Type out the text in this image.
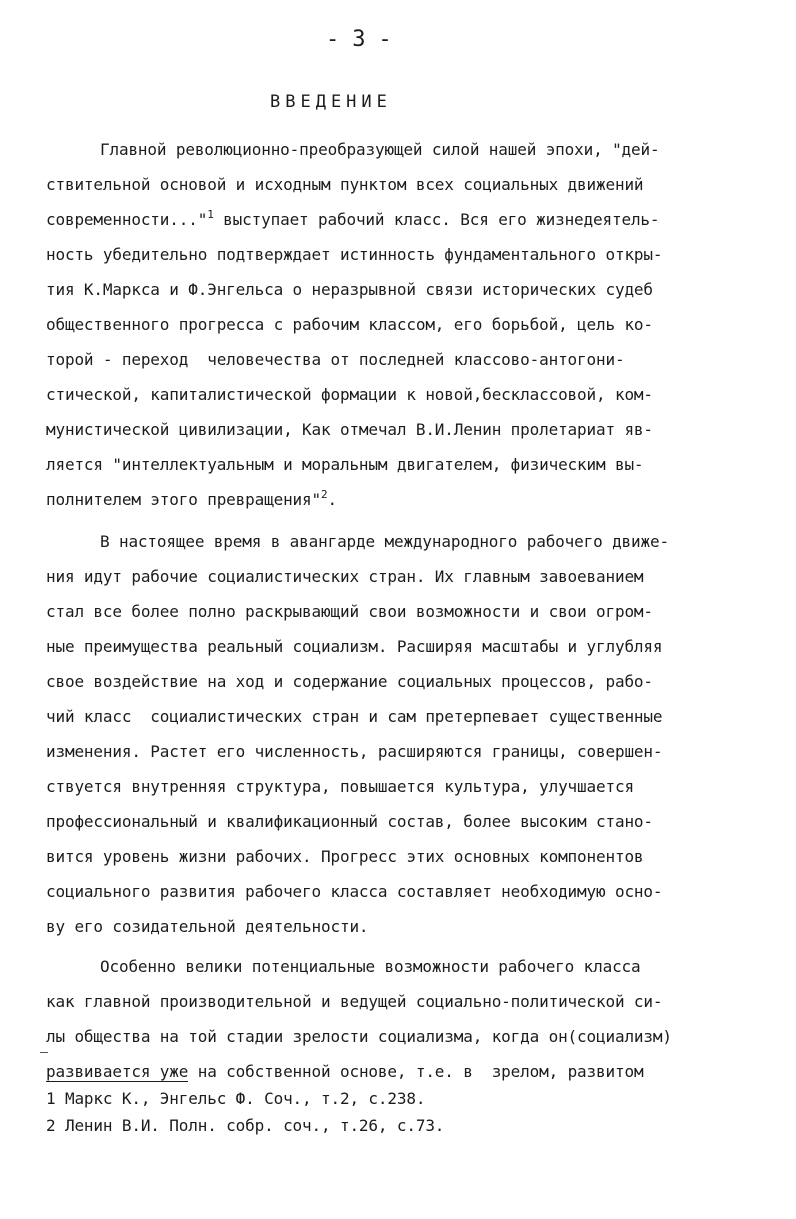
- 3 -
ВВЕДЕНИЕ
Главной революционно-преобразующей силой нашей эпохи, "дей-
ствительной основой и исходным пунктом всех социальных движений
современности..."$^1$ выступает рабочий класс. Вся его жизнедеятель-
ность убедительно подтверждает истинность фундаментального откры-
тия К.Маркса и Ф.Энгельса о неразрывной связи исторических судеб
общественного прогресса с рабочим классом, его борьбой, цель ко-
торой - переход  человечества от последней классово-антогони-
стической, капиталистической формации к новой,бесклассовой, ком-
мунистической цивилизации, Как отмечал В.И.Ленин пролетариат яв-
ляется "интеллектуальным и моральным двигателем, физическим вы-
полнителем этого превращения"$^2$.
В настоящее время в авангарде международного рабочего движе-
ния идут рабочие социалистических стран. Их главным завоеванием
стал все более полно раскрывающий свои возможности и свои огром-
ные преимущества реальный социализм. Расширяя масштабы и углубляя
свое воздействие на ход и содержание социальных процессов, рабо-
чий класс  социалистических стран и сам претерпевает существенные
изменения. Растет его численность, расширяются границы, совершен-
ствуется внутренняя структура, повышается культура, улучшается
профессиональный и квалификационный состав, более высоким стано-
вится уровень жизни рабочих. Прогресс этих основных компонентов
социального развития рабочего класса составляет необходимую осно-
ву его созидательной деятельности.
Особенно велики потенциальные возможности рабочего класса
как главной производительной и ведущей социально-политической си-
лы общества на той стадии зрелости социализма, когда он(социализм)
развивается уже на собственной основе, т.е. в  зрелом, развитом
1 Маркс К., Энгельс Ф. Соч., т.2, с.238.
2 Ленин В.И. Полн. собр. соч., т.26, с.73.
